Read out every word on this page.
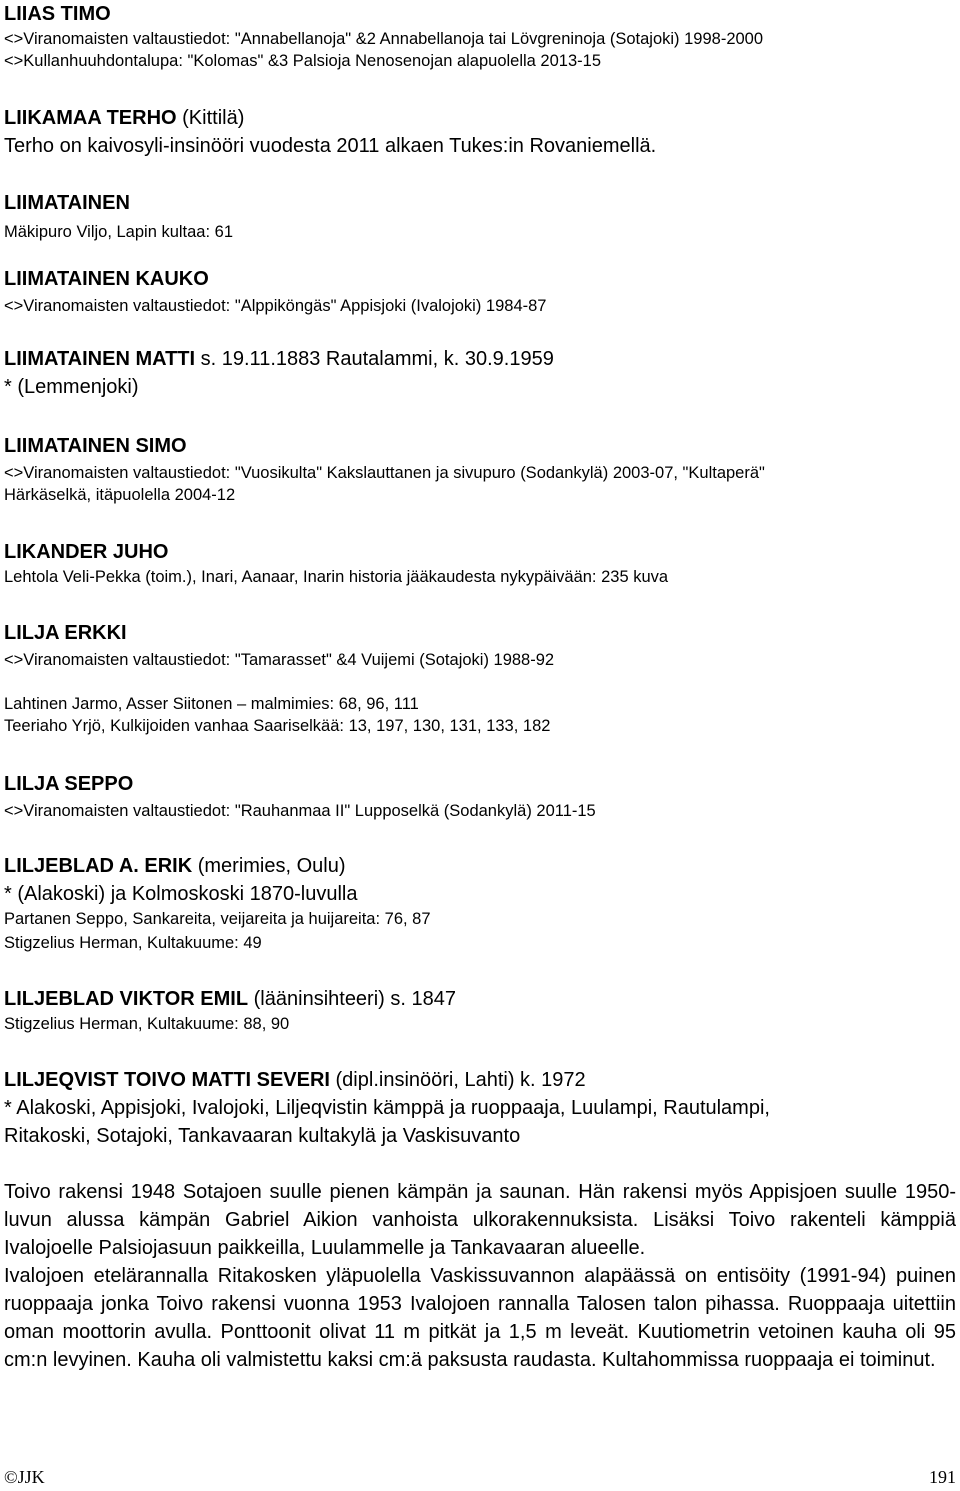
LIIAS TIMO
<>Viranomaisten valtaustiedot: "Annabellanoja" &2 Annabellanoja tai Lövgreninoja (Sotajoki) 1998-2000
<>Kullanhuuhdontalupa: "Kolomas" &3 Palsioja Nenosenojan alapuolella 2013-15
LIIKAMAA TERHO (Kittilä)
Terho on kaivosyli-insinööri vuodesta 2011 alkaen Tukes:in Rovaniemellä.
LIIMATAINEN
Mäkipuro Viljo, Lapin kultaa: 61
LIIMATAINEN KAUKO
<>Viranomaisten valtaustiedot: "Alppiköngäs" Appisjoki (Ivalojoki) 1984-87
LIIMATAINEN MATTI s. 19.11.1883 Rautalammi, k. 30.9.1959
* (Lemmenjoki)
LIIMATAINEN SIMO
<>Viranomaisten valtaustiedot: "Vuosikulta" Kakslauttanen ja sivupuro (Sodankylä) 2003-07, "Kultaperä"
Härkäselkä, itäpuolella 2004-12
LIKANDER JUHO
Lehtola Veli-Pekka (toim.), Inari, Aanaar, Inarin historia jääkaudesta nykypäivään: 235 kuva
LILJA ERKKI
<>Viranomaisten valtaustiedot: "Tamarasset" &4 Vuijemi (Sotajoki) 1988-92
Lahtinen Jarmo, Asser Siitonen – malmimies: 68, 96, 111
Teeriaho Yrjö, Kulkijoiden vanhaa Saariselkää: 13, 197, 130, 131, 133, 182
LILJA SEPPO
<>Viranomaisten valtaustiedot: "Rauhanmaa II" Lupposelkä (Sodankylä) 2011-15
LILJEBLAD A. ERIK (merimies, Oulu)
* (Alakoski) ja Kolmoskoski 1870-luvulla
Partanen Seppo, Sankareita, veijareita ja huijareita: 76, 87
Stigzelius Herman, Kultakuume: 49
LILJEBLAD VIKTOR EMIL (lääninsihteeri) s. 1847
Stigzelius Herman, Kultakuume: 88, 90
LILJEQVIST TOIVO MATTI SEVERI (dipl.insinööri, Lahti) k. 1972
* Alakoski, Appisjoki, Ivalojoki, Liljeqvistin kämppä ja ruoppaaja, Luulampi, Rautulampi,
Ritakoski, Sotajoki, Tankavaaran kultakylä ja Vaskisuvanto
Toivo rakensi 1948 Sotajoen suulle pienen kämpän ja saunan. Hän rakensi myös Appisjoen suulle 1950-luvun alussa kämpän Gabriel Aikion vanhoista ulkorakennuksista. Lisäksi Toivo rakenteli kämppiä Ivalojoelle Palsiojasuun paikkeilla, Luulammelle ja Tankavaaran alueelle.
Ivalojoen etelärannalla Ritakosken yläpuolella Vaskissuvannon alapäässä on entisöity (1991-94) puinen ruoppaaja jonka Toivo rakensi vuonna 1953 Ivalojoen rannalla Talosen talon pihassa. Ruoppaaja uitettiin oman moottorin avulla. Ponttoonit olivat 11 m pitkät ja 1,5 m leveät. Kuutiometrin vetoinen kauha oli 95 cm:n levyinen. Kauha oli valmistettu kaksi cm:ä paksusta raudasta. Kultahommissa ruoppaaja ei toiminut.
©JJK	191
